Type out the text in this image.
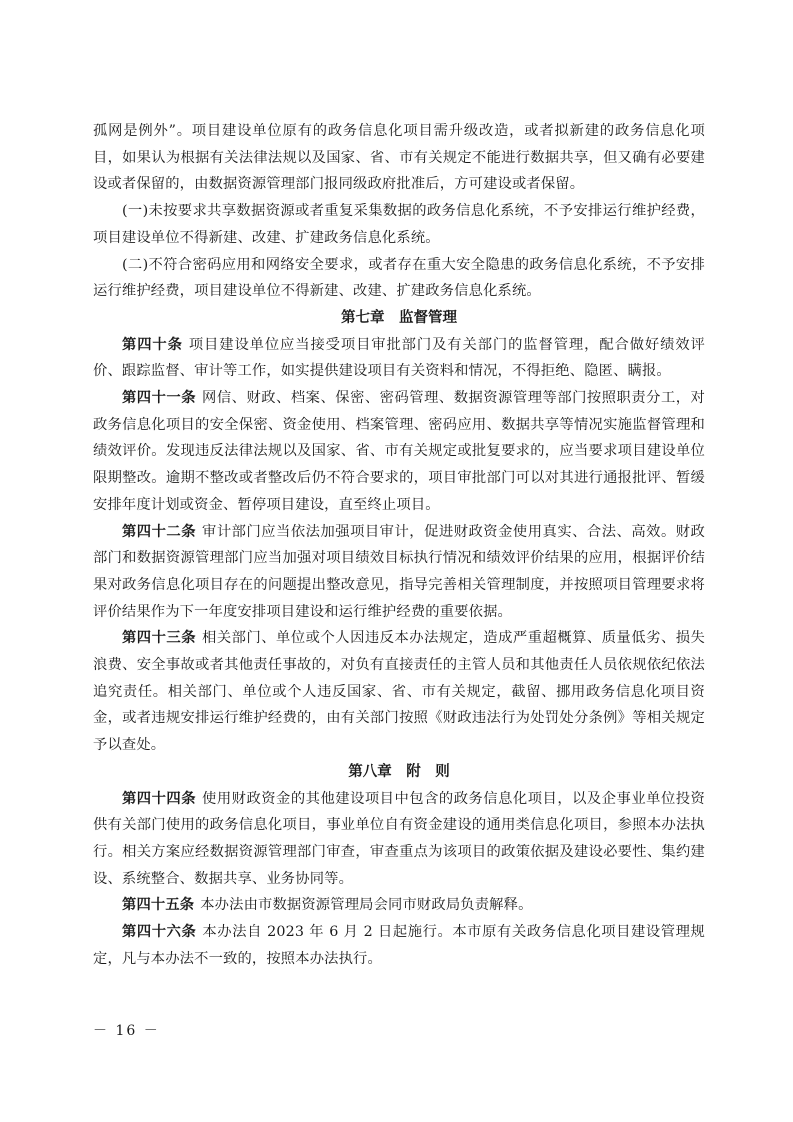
孤网是例外”。项目建设单位原有的政务信息化项目需升级改造，或者拟新建的政务信息化项目，如果认为根据有关法律法规以及国家、省、市有关规定不能进行数据共享，但又确有必要建设或者保留的，由数据资源管理部门报同级政府批准后，方可建设或者保留。

(一)未按要求共享数据资源或者重复采集数据的政务信息化系统，不予安排运行维护经费，项目建设单位不得新建、改建、扩建政务信息化系统。

(二)不符合密码应用和网络安全要求，或者存在重大安全隐患的政务信息化系统，不予安排运行维护经费，项目建设单位不得新建、改建、扩建政务信息化系统。

第七章　监督管理

第四十条 项目建设单位应当接受项目审批部门及有关部门的监督管理，配合做好绩效评价、跟踪监督、审计等工作，如实提供建设项目有关资料和情况，不得拒绝、隐匿、瞒报。

第四十一条 网信、财政、档案、保密、密码管理、数据资源管理等部门按照职责分工，对政务信息化项目的安全保密、资金使用、档案管理、密码应用、数据共享等情况实施监督管理和绩效评价。发现违反法律法规以及国家、省、市有关规定或批复要求的，应当要求项目建设单位限期整改。逾期不整改或者整改后仍不符合要求的，项目审批部门可以对其进行通报批评、暂缓安排年度计划或资金、暂停项目建设，直至终止项目。

第四十二条 审计部门应当依法加强项目审计，促进财政资金使用真实、合法、高效。财政部门和数据资源管理部门应当加强对项目绩效目标执行情况和绩效评价结果的应用，根据评价结果对政务信息化项目存在的问题提出整改意见，指导完善相关管理制度，并按照项目管理要求将评价结果作为下一年度安排项目建设和运行维护经费的重要依据。

第四十三条 相关部门、单位或个人因违反本办法规定，造成严重超概算、质量低劣、损失浪费、安全事故或者其他责任事故的，对负有直接责任的主管人员和其他责任人员依规依纪依法追究责任。相关部门、单位或个人违反国家、省、市有关规定，截留、挪用政务信息化项目资金，或者违规安排运行维护经费的，由有关部门按照《财政违法行为处罚处分条例》等相关规定予以查处。

第八章　附　则

第四十四条 使用财政资金的其他建设项目中包含的政务信息化项目，以及企事业单位投资供有关部门使用的政务信息化项目，事业单位自有资金建设的通用类信息化项目，参照本办法执行。相关方案应经数据资源管理部门审查，审查重点为该项目的政策依据及建设必要性、集约建设、系统整合、数据共享、业务协同等。

第四十五条 本办法由市数据资源管理局会同市财政局负责解释。

第四十六条 本办法自 2023 年 6 月 2 日起施行。本市原有关政务信息化项目建设管理规定，凡与本办法不一致的，按照本办法执行。

－ 16 －
